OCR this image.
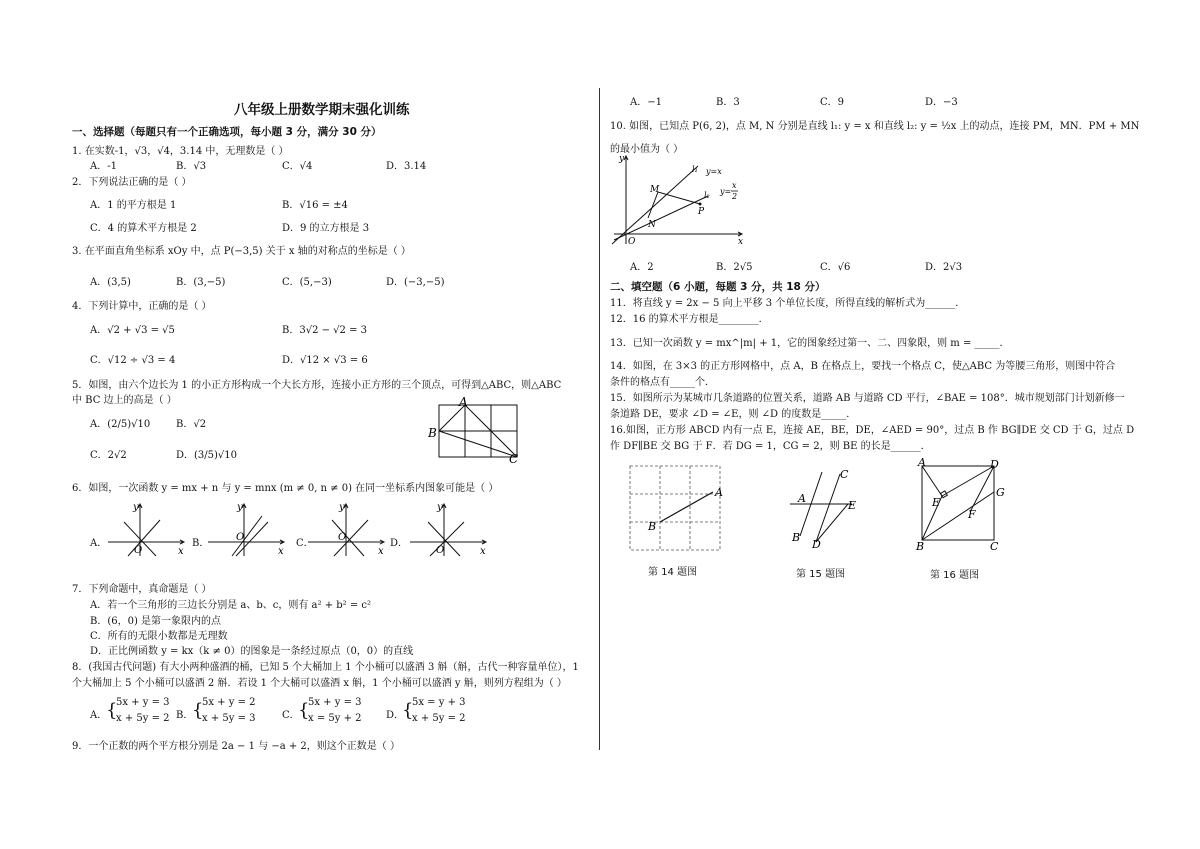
八年级上册数学期末强化训练
一、选择题（每题只有一个正确选项，每小题 3 分，满分 30 分）
1. 在实数-1，√3，√4，3.14 中，无理数是（ ）
A．-1	B．√3	C．√4	D．3.14
2．下列说法正确的是（ ）
A．1 的平方根是 1	B．√16 = ±4
C．4 的算术平方根是 2	D．9 的立方根是 3
3. 在平面直角坐标系 xOy 中，点 P(−3,5) 关于 x 轴的对称点的坐标是（ ）
A．(3,5)	B．(3,−5)	C．(5,−3)	D．(−3,−5)
4．下列计算中，正确的是（ ）
A．√2 + √3 = √5	B．3√2 − √2 = 3
C．√12 ÷ √3 = 4	D．√12 × √3 = 6
5．如图，由六个边长为 1 的小正方形构成一个大长方形，连接小正方形的三个顶点，可得到△ABC，则△ABC
中 BC 边上的高是（ ）
A．(2/5)√10	B．√2
C．2√2	D．(3/5)√10
A
B
C
6．如图，一次函数 y = mx + n 与 y = mnx (m ≠ 0, n ≠ 0) 在同一坐标系内图象可能是（ ）
A．
y
x
O
B．
y
x
O
C．
y
x
O
D．
y
x
O
7．下列命题中，真命题是（ ）
A．若一个三角形的三边长分别是 a、b、c，则有 a² + b² = c²
B．(6，0) 是第一象限内的点
C．所有的无限小数都是无理数
D．正比例函数 y = kx（k ≠ 0）的图象是一条经过原点（0，0）的直线
8．(我国古代问题) 有大小两种盛酒的桶，已知 5 个大桶加上 1 个小桶可以盛酒 3 斛（斛，古代一种容量单位），1
个大桶加上 5 个小桶可以盛酒 2 斛．若设 1 个大桶可以盛酒 x 斛，1 个小桶可以盛酒 y 斛，则列方程组为（ ）
A．
{
5x + y = 3
x + 5y = 2 B．
{
5x + y = 2
x + 5y = 3	C．
{
5x + y = 3
x = 5y + 2 D．
{
5x = y + 3
x + 5y = 2
9．一个正数的两个平方根分别是 2a − 1 与 −a + 2，则这个正数是（ ）
A．−1	B．3	C．9	D．−3
10. 如图，已知点 P(6, 2)，点 M, N 分别是直线 l₁: y = x 和直线 l₂: y = ½x 上的动点，连接 PM，MN．PM + MN
的最小值为（ ）
y
x
O
M
N
P
l₁
l₂
y=x
y=
x
2
A．2	B．2√5	C．√6	D．2√3
二、填空题（6 小题，每题 3 分，共 18 分）
11．将直线 y = 2x − 5 向上平移 3 个单位长度，所得直线的解析式为______．
12．16 的算术平方根是________．
13．已知一次函数 y = mx^|m| + 1，它的图象经过第一、二、四象限，则 m = _____．
14．如图，在 3×3 的正方形网格中，点 A，B 在格点上，要找一个格点 C，使△ABC 为等腰三角形，则图中符合
条件的格点有_____个．
15．如图所示为某城市几条道路的位置关系，道路 AB 与道路 CD 平行，∠BAE = 108°．城市规划部门计划新修一
条道路 DE，要求 ∠D = ∠E，则 ∠D 的度数是_____．
16.如图，正方形 ABCD 内有一点 E，连接 AE，BE，DE，∠AED = 90°，过点 B 作 BG∥DE 交 CD 于 G，过点 D
作 DF∥BE 交 BG 于 F．若 DG = 1，CG = 2，则 BE 的长是______．
A
B
第 14 题图
A
B
C
D
E
第 15 题图
A
B	C
D
E
F
G
第 16 题图
